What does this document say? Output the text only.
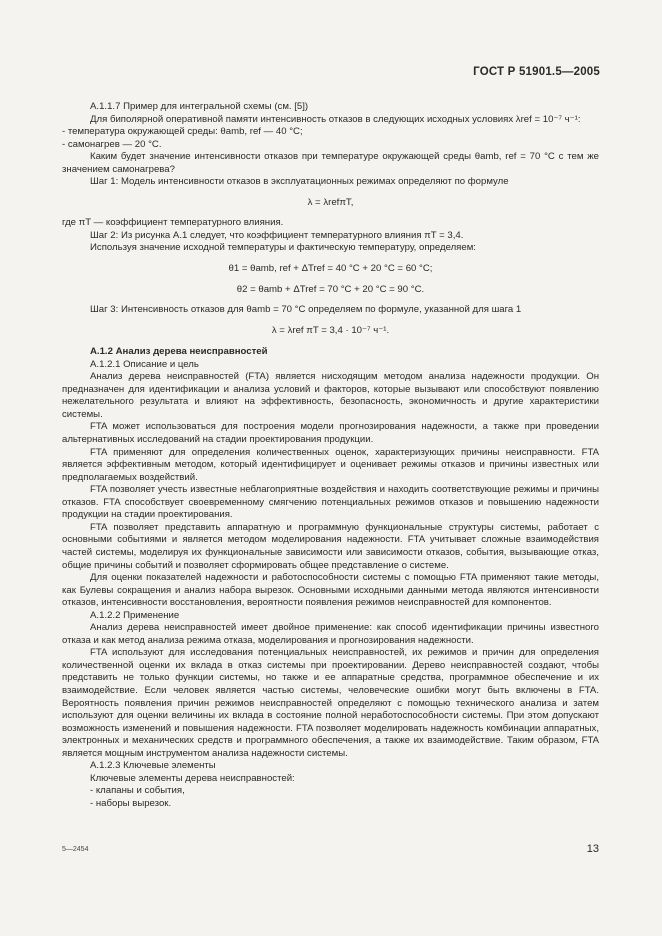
ГОСТ Р 51901.5—2005

А.1.1.7 Пример для интегральной схемы (см. [5])

Для биполярной оперативной памяти интенсивность отказов в следующих исходных условиях λref = 10⁻⁷ ч⁻¹:

- температура окружающей среды: θamb, ref — 40 °C;

- самонагрев — 20 °C.

Каким будет значение интенсивности отказов при температуре окружающей среды θamb, ref = 70 °C с тем же значением самонагрева?

Шаг 1: Модель интенсивности отказов в эксплуатационных режимах определяют по формуле

λ = λrefπT,

где πT — коэффициент температурного влияния.

Шаг 2: Из рисунка А.1 следует, что коэффициент температурного влияния πT = 3,4.

Используя значение исходной температуры и фактическую температуру, определяем:

θ1 = θamb, ref + ΔTref = 40 °C + 20 °C = 60 °C;

θ2 = θamb + ΔTref = 70 °C + 20 °C = 90 °C.

Шаг 3: Интенсивность отказов для θamb = 70 °C определяем по формуле, указанной для шага 1

λ = λref πT = 3,4 · 10⁻⁷ ч⁻¹.

А.1.2 Анализ дерева неисправностей

А.1.2.1 Описание и цель

Анализ дерева неисправностей (FTA) является нисходящим методом анализа надежности продукции. Он предназначен для идентификации и анализа условий и факторов, которые вызывают или способствуют появлению нежелательного результата и влияют на эффективность, безопасность, экономичность и другие характеристики системы.

FTA может использоваться для построения модели прогнозирования надежности, а также при проведении альтернативных исследований на стадии проектирования продукции.

FTA применяют для определения количественных оценок, характеризующих причины неисправности. FTA является эффективным методом, который идентифицирует и оценивает режимы отказов и причины известных или предполагаемых воздействий.

FTA позволяет учесть известные неблагоприятные воздействия и находить соответствующие режимы и причины отказов. FTA способствует своевременному смягчению потенциальных режимов отказов и повышению надежности продукции на стадии проектирования.

FTA позволяет представить аппаратную и программную функциональные структуры системы, работает с основными событиями и является методом моделирования надежности. FTA учитывает сложные взаимодействия частей системы, моделируя их функциональные зависимости или зависимости отказов, события, вызывающие отказ, общие причины событий и позволяет сформировать общее представление о системе.

Для оценки показателей надежности и работоспособности системы с помощью FTA применяют такие методы, как Булевы сокращения и анализ набора вырезок. Основными исходными данными метода являются интенсивности отказов, интенсивности восстановления, вероятности появления режимов неисправностей для компонентов.

А.1.2.2 Применение

Анализ дерева неисправностей имеет двойное применение: как способ идентификации причины известного отказа и как метод анализа режима отказа, моделирования и прогнозирования надежности.

FTA используют для исследования потенциальных неисправностей, их режимов и причин для определения количественной оценки их вклада в отказ системы при проектировании. Дерево неисправностей создают, чтобы представить не только функции системы, но также и ее аппаратные средства, программное обеспечение и их взаимодействие. Если человек является частью системы, человеческие ошибки могут быть включены в FTA. Вероятность появления причин режимов неисправностей определяют с помощью технического анализа и затем используют для оценки величины их вклада в состояние полной неработоспособности системы. При этом допускают возможность изменений и повышения надежности. FTA позволяет моделировать надежность комбинации аппаратных, электронных и механических средств и программного обеспечения, а также их взаимодействие. Таким образом, FTA является мощным инструментом анализа надежности системы.

А.1.2.3 Ключевые элементы

Ключевые элементы дерева неисправностей:

- клапаны и события,

- наборы вырезок.

5—2454	13
